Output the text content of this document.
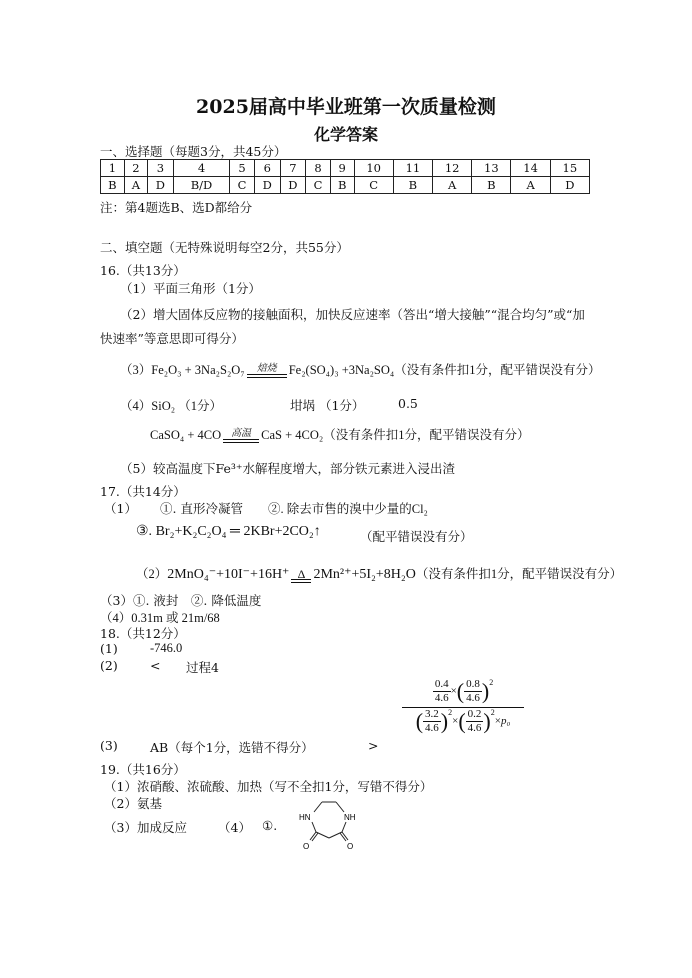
2025届高中毕业班第一次质量检测
化学答案
一、选择题（每题3分，共45分）
1	2	3	4	5	6	7	8	9	10	11	12	13	14	15
B	A	D	B/D	C	D	D	C	B	C	B	A	B	A	D
注：第4题选B、选D都给分
二、填空题（无特殊说明每空2分，共55分）
16.（共13分）
（1）平面三角形（1分）
（2）增大固体反应物的接触面积，加快反应速率（答出“增大接触”“混合均匀”或“加
快速率”等意思即可得分）
（3）Fe₂O₃ + 3Na₂S₂O₇	焙烧 Fe₂(SO₄)₃ +3Na₂SO₄（没有条件扣1分，配平错误没有分）
（4）SiO₂ （1分）	坩埚 （1分）	0.5
CaSO₄ + 4CO	高温 CaS + 4CO₂（没有条件扣1分，配平错误没有分）
（5）较高温度下Fe³⁺水解程度增大，部分铁元素进入浸出渣
17.（共14分）
（1） ①. 直形冷凝管 ②. 除去市售的溴中少量的Cl₂
③. Br₂+K₂C₂O₄ ═ 2KBr+2CO₂↑	（配平错误没有分）
（2）2MnO₄⁻+10I⁻+16H⁺ Δ 2Mn²⁺+5I₂+8H₂O（没有条件扣1分，配平错误没有分）
（3）①. 液封　②. 降低温度
（4）0.31m 或 21m/68
18.（共12分）
(1)	-746.0
(2)	< 过程4
(3)	AB（每个1分，选错不得分）	>
$\frac{\frac{0.4}{4.6} \times( \frac{0.8}{4.6} )^2}{( \frac{3.2}{4.6} )^2\times( \frac{0.2}{4.6} )^2\times p_0}$
19.（共16分）
（1）浓硝酸、浓硫酸、加热（写不全扣1分，写错不得分）
（2）氨基
（3）加成反应 （4） ①.
HN	NH
O	O
